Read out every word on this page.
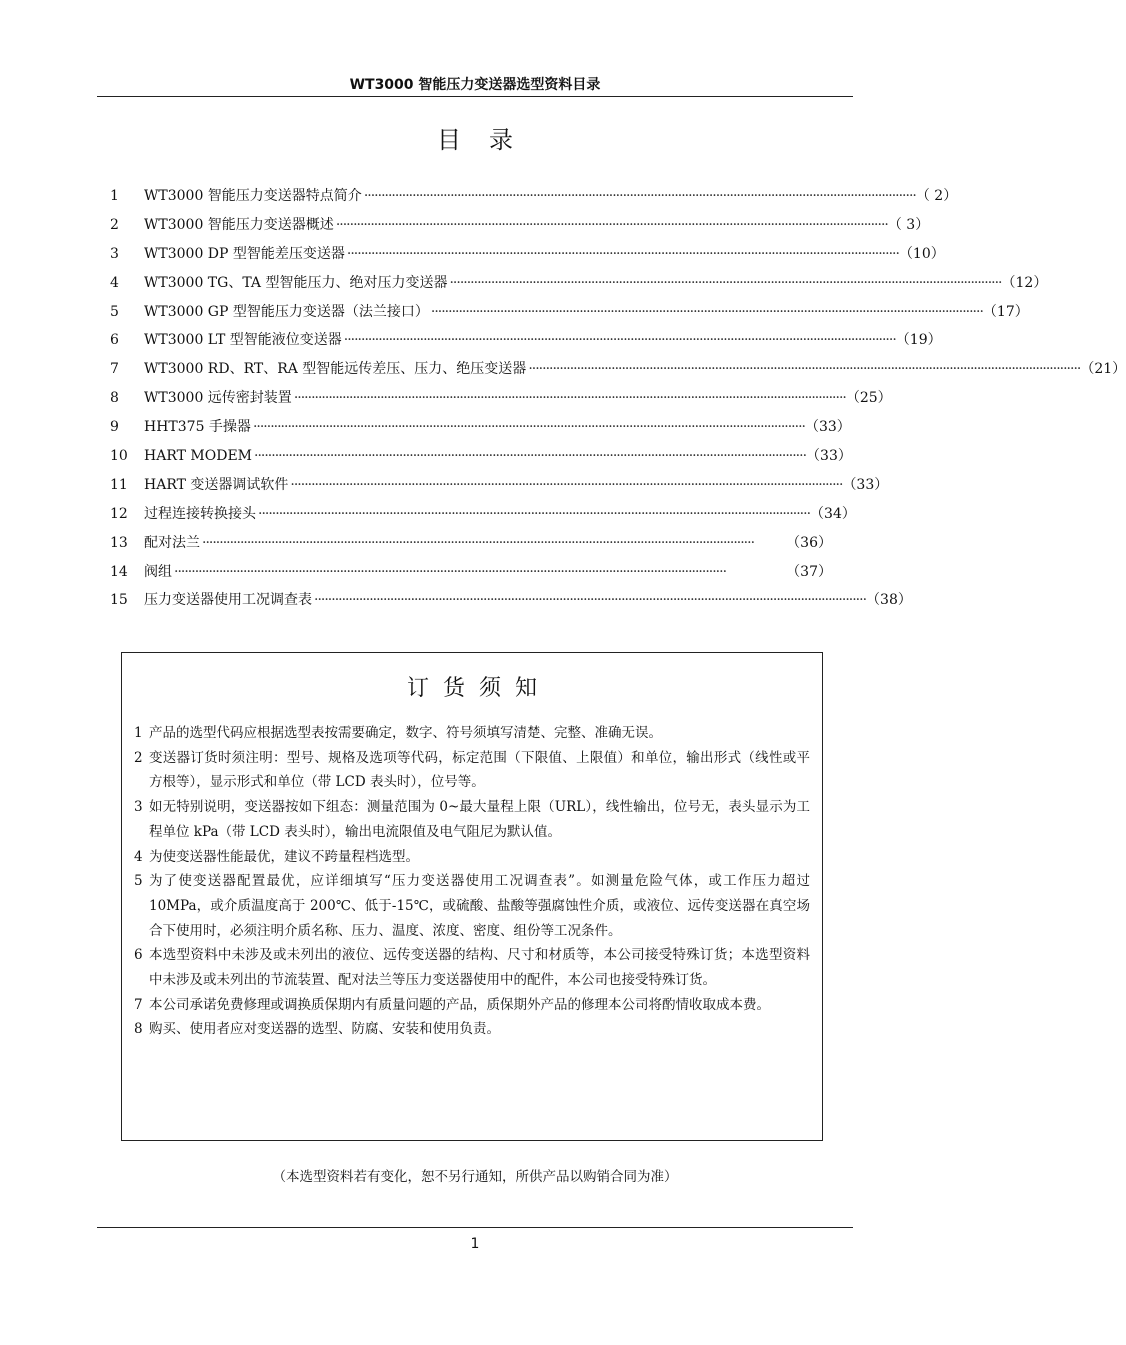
WT3000 智能压力变送器选型资料目录
目录
1	WT3000 智能压力变送器特点简介 ································································································································································ （ 2）
2	WT3000 智能压力变送器概述 ································································································································································ （ 3）
3	WT3000 DP 型智能差压变送器 ································································································································································ （10）
4	WT3000 TG、TA 型智能压力、绝对压力变送器 ································································································································································ （12）
5	WT3000 GP 型智能压力变送器（法兰接口） ································································································································································ （17）
6	WT3000 LT 型智能液位变送器 ································································································································································ （19）
7	WT3000 RD、RT、RA 型智能远传差压、压力、绝压变送器 ································································································································································ （21）
8	WT3000 远传密封装置 ································································································································································ （25）
9	HHT375 手操器 ································································································································································ （33）
10	HART MODEM ································································································································································ （33）
11	HART 变送器调试软件 ································································································································································ （33）
12	过程连接转换接头 ································································································································································ （34）
13	配对法兰 ································································································································································	（36）
14	阀组 ································································································································································	（37）
15	压力变送器使用工况调查表 ································································································································································ （38）
订货须知
1 产品的选型代码应根据选型表按需要确定，数字、符号须填写清楚、完整、准确无误。
2 变送器订货时须注明：型号、规格及选项等代码，标定范围（下限值、上限值）和单位，输出形式（线性或平方根等），显示形式和单位（带 LCD 表头时），位号等。
3 如无特别说明，变送器按如下组态：测量范围为 0~最大量程上限（URL），线性输出，位号无，表头显示为工程单位 kPa（带 LCD 表头时），输出电流限值及电气阻尼为默认值。
4 为使变送器性能最优，建议不跨量程档选型。
5 为了使变送器配置最优，应详细填写“压力变送器使用工况调查表”。如测量危险气体，或工作压力超过 10MPa，或介质温度高于 200℃、低于-15℃，或硫酸、盐酸等强腐蚀性介质，或液位、远传变送器在真空场合下使用时，必须注明介质名称、压力、温度、浓度、密度、组份等工况条件。
6 本选型资料中未涉及或未列出的液位、远传变送器的结构、尺寸和材质等，本公司接受特殊订货；本选型资料中未涉及或未列出的节流装置、配对法兰等压力变送器使用中的配件，本公司也接受特殊订货。
7 本公司承诺免费修理或调换质保期内有质量问题的产品，质保期外产品的修理本公司将酌情收取成本费。
8 购买、使用者应对变送器的选型、防腐、安装和使用负责。
（本选型资料若有变化，恕不另行通知，所供产品以购销合同为准）
1
